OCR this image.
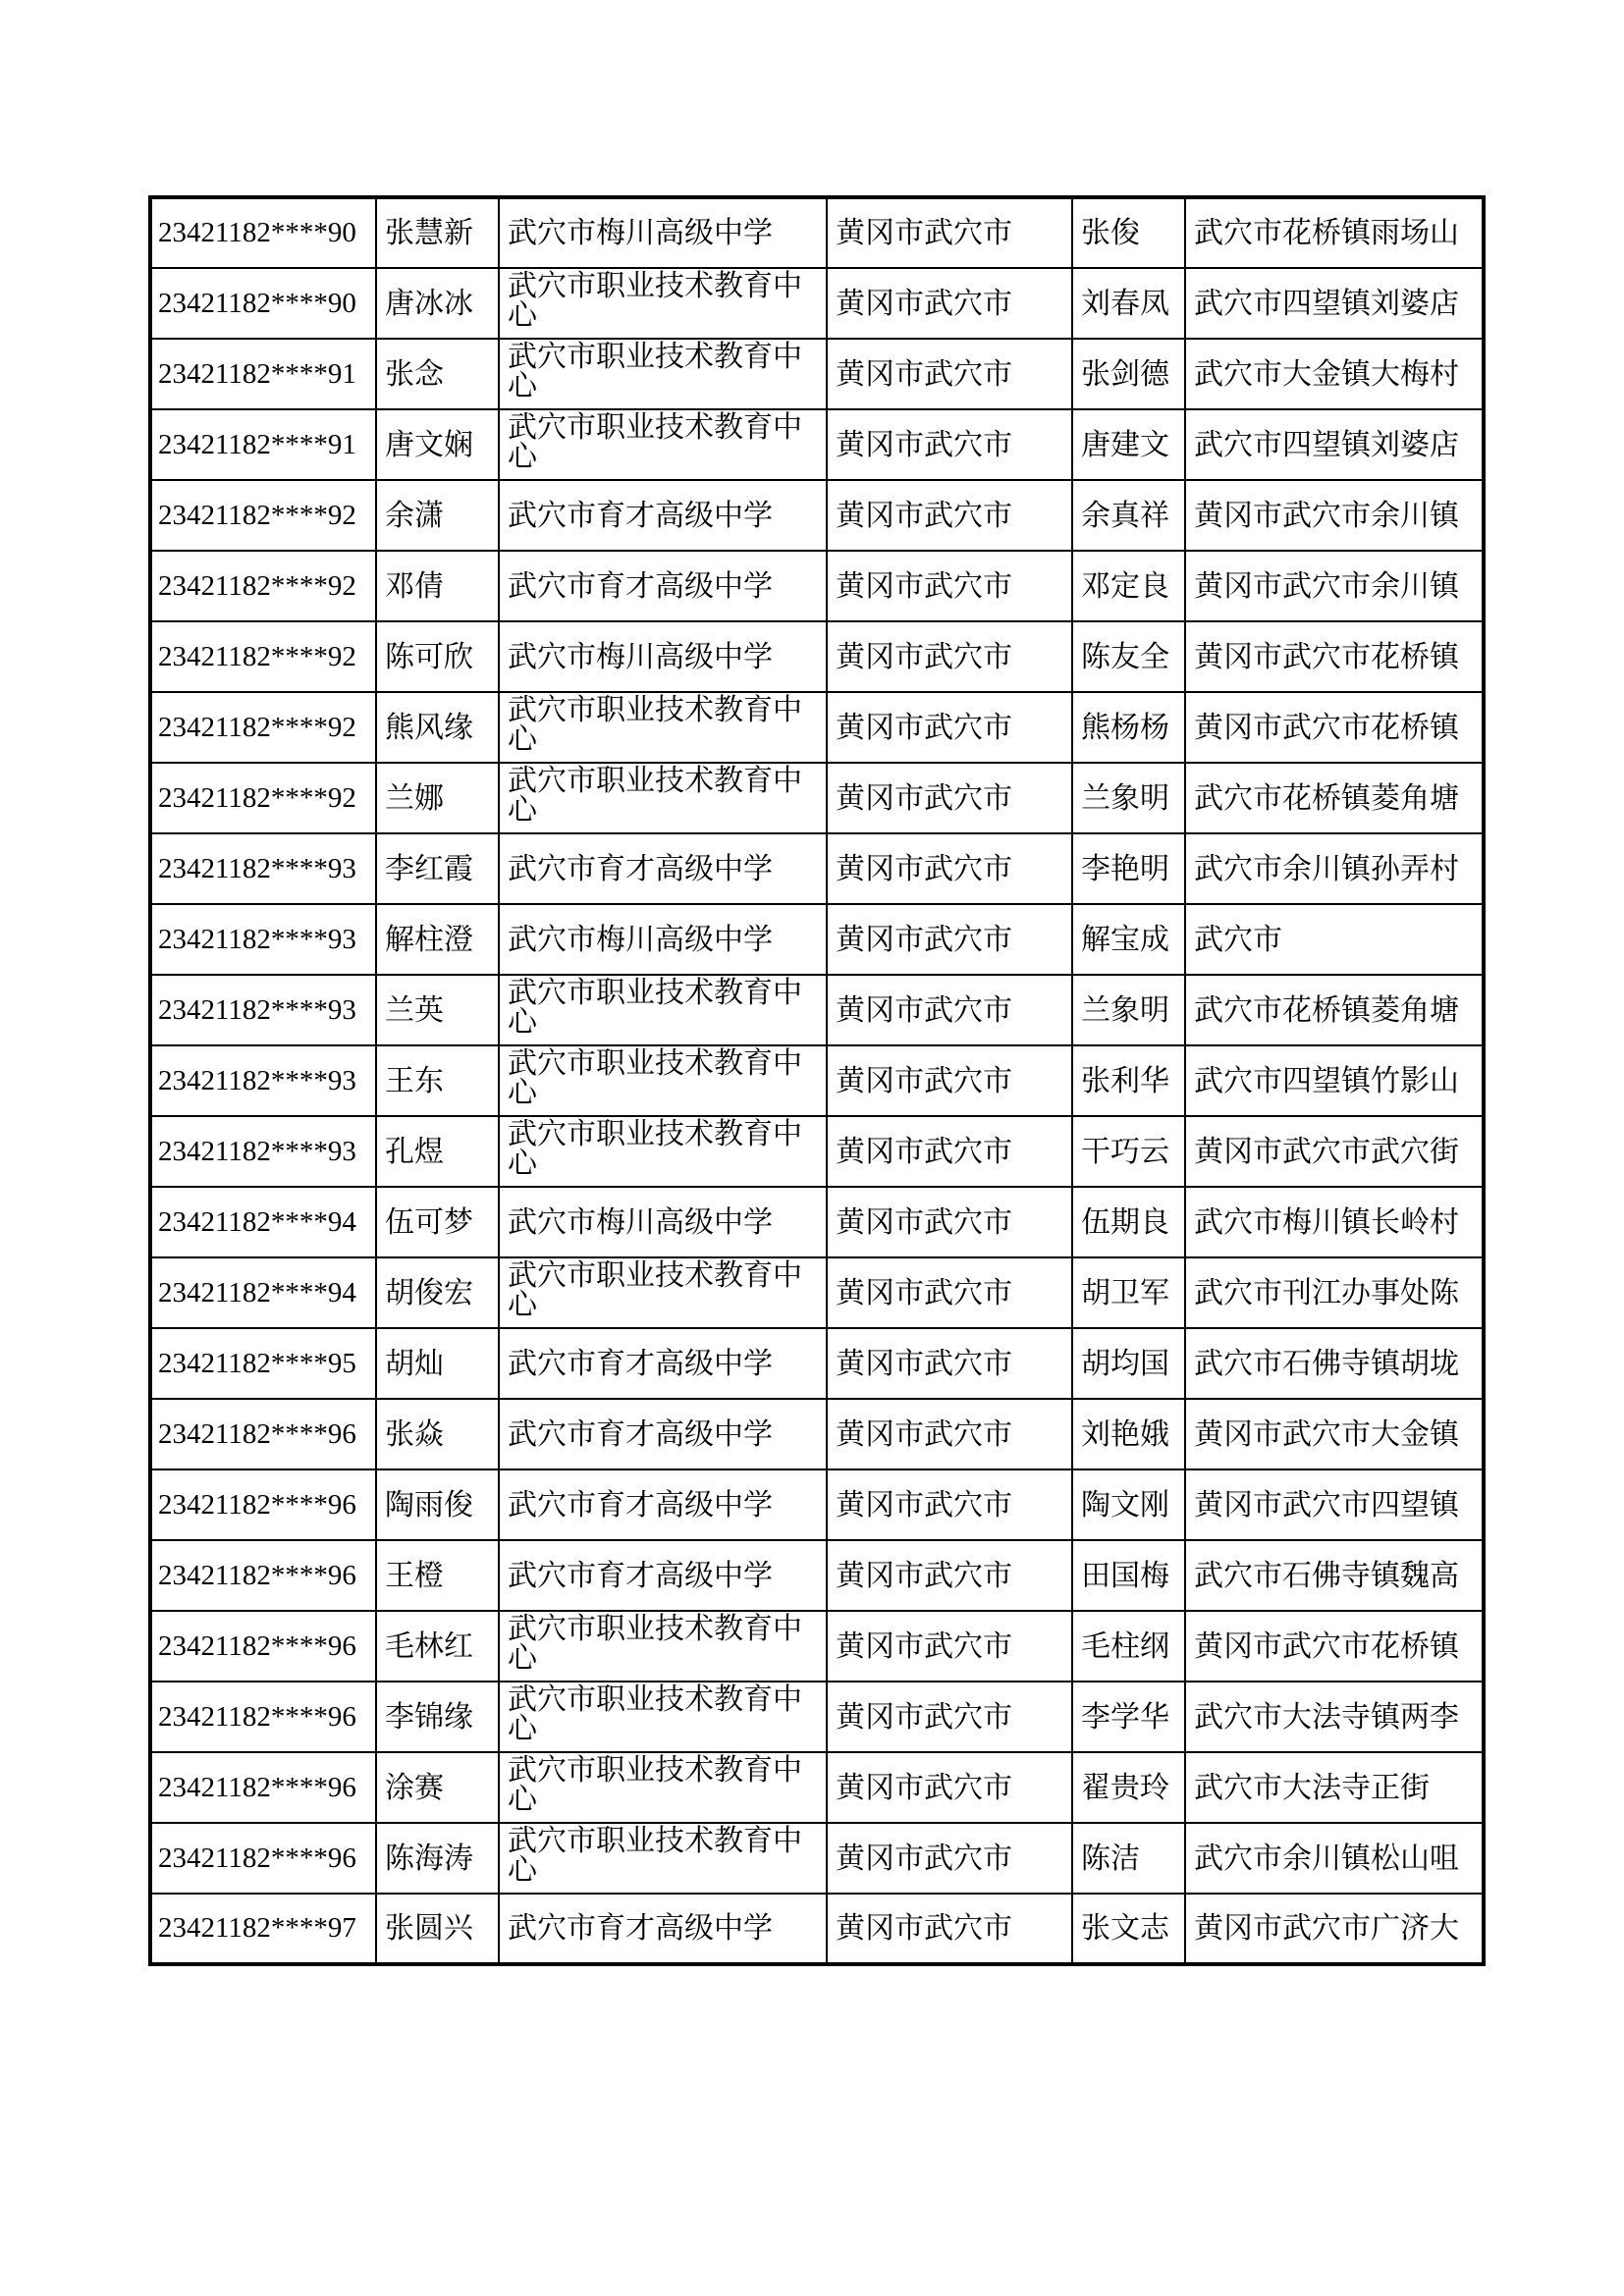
23421182****90	张慧新	武穴市梅川高级中学	黄冈市武穴市	张俊	武穴市花桥镇雨场山
23421182****90	唐冰冰	武穴市职业技术教育中心	黄冈市武穴市	刘春凤	武穴市四望镇刘婆店
23421182****91	张念	武穴市职业技术教育中心	黄冈市武穴市	张剑德	武穴市大金镇大梅村
23421182****91	唐文娴	武穴市职业技术教育中心	黄冈市武穴市	唐建文	武穴市四望镇刘婆店
23421182****92	余潇	武穴市育才高级中学	黄冈市武穴市	余真祥	黄冈市武穴市余川镇
23421182****92	邓倩	武穴市育才高级中学	黄冈市武穴市	邓定良	黄冈市武穴市余川镇
23421182****92	陈可欣	武穴市梅川高级中学	黄冈市武穴市	陈友全	黄冈市武穴市花桥镇
23421182****92	熊风缘	武穴市职业技术教育中心	黄冈市武穴市	熊杨杨	黄冈市武穴市花桥镇
23421182****92	兰娜	武穴市职业技术教育中心	黄冈市武穴市	兰象明	武穴市花桥镇菱角塘
23421182****93	李红霞	武穴市育才高级中学	黄冈市武穴市	李艳明	武穴市余川镇孙弄村
23421182****93	解柱澄	武穴市梅川高级中学	黄冈市武穴市	解宝成	武穴市
23421182****93	兰英	武穴市职业技术教育中心	黄冈市武穴市	兰象明	武穴市花桥镇菱角塘
23421182****93	王东	武穴市职业技术教育中心	黄冈市武穴市	张利华	武穴市四望镇竹影山
23421182****93	孔煜	武穴市职业技术教育中心	黄冈市武穴市	干巧云	黄冈市武穴市武穴街
23421182****94	伍可梦	武穴市梅川高级中学	黄冈市武穴市	伍期良	武穴市梅川镇长岭村
23421182****94	胡俊宏	武穴市职业技术教育中心	黄冈市武穴市	胡卫军	武穴市刊江办事处陈
23421182****95	胡灿	武穴市育才高级中学	黄冈市武穴市	胡均国	武穴市石佛寺镇胡垅
23421182****96	张焱	武穴市育才高级中学	黄冈市武穴市	刘艳娥	黄冈市武穴市大金镇
23421182****96	陶雨俊	武穴市育才高级中学	黄冈市武穴市	陶文刚	黄冈市武穴市四望镇
23421182****96	王橙	武穴市育才高级中学	黄冈市武穴市	田国梅	武穴市石佛寺镇魏高
23421182****96	毛林红	武穴市职业技术教育中心	黄冈市武穴市	毛柱纲	黄冈市武穴市花桥镇
23421182****96	李锦缘	武穴市职业技术教育中心	黄冈市武穴市	李学华	武穴市大法寺镇两李
23421182****96	涂赛	武穴市职业技术教育中心	黄冈市武穴市	翟贵玲	武穴市大法寺正街
23421182****96	陈海涛	武穴市职业技术教育中心	黄冈市武穴市	陈洁	武穴市余川镇松山咀
23421182****97	张圆兴	武穴市育才高级中学	黄冈市武穴市	张文志	黄冈市武穴市广济大
